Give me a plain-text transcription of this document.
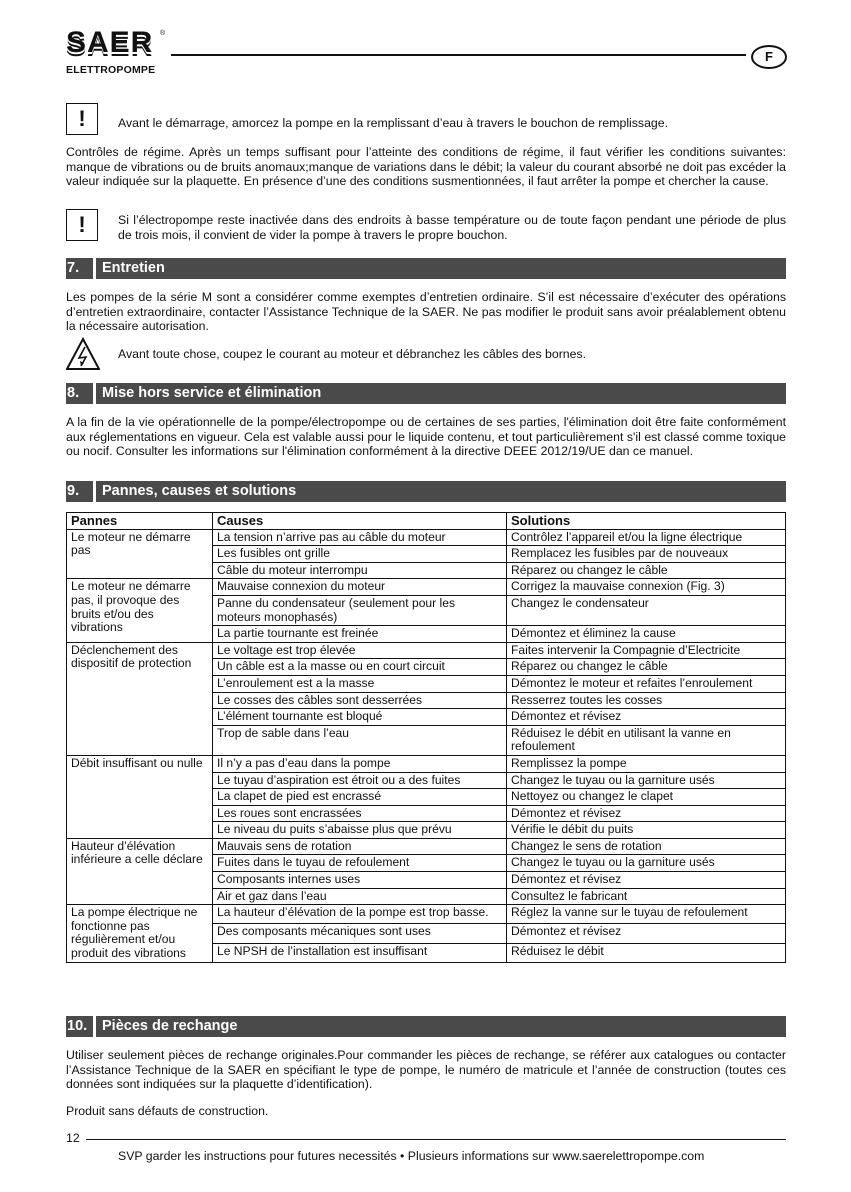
SAER
ELETTROPOMPE
®
F
!	Avant le démarrage, amorcez la pompe en la remplissant d’eau à travers le bouchon de remplissage.
Contrôles de régime. Après un temps suffisant pour l’atteinte des conditions de régime, il faut vérifier les conditions suivantes: manque de vibrations ou de bruits anomaux;manque de variations dans le débit; la valeur du courant absorbé ne doit pas excéder la valeur indiquée sur la plaquette. En présence d’une des conditions susmentionnées, il faut arrêter la pompe et chercher la cause.
!	Si l’électropompe reste inactivée dans des endroits à basse température ou de toute façon pendant une période de plus de trois mois, il convient de vider la pompe à travers le propre bouchon.
7. Entretien
Les pompes de la série M sont a considérer comme exemptes d’entretien ordinaire. S’il est nécessaire d’exécuter des opérations d’entretien extraordinaire, contacter l’Assistance Technique de la SAER. Ne pas modifier le produit sans avoir préalablement obtenu la nécessaire autorisation.
Avant toute chose, coupez le courant au moteur et débranchez les câbles des bornes.
8. Mise hors service et élimination
A la fin de la vie opérationnelle de la pompe/électropompe ou de certaines de ses parties, l'élimination doit être faite conformément aux réglementations en vigueur. Cela est valable aussi pour le liquide contenu, et tout particulièrement s'il est classé comme toxique ou nocif. Consulter les informations sur l'élimination conformément à la directive DEEE 2012/19/UE dan ce manuel.
9. Pannes, causes et solutions
Pannes	Causes	Solutions
Le moteur ne démarre pas	La tension n’arrive pas au câble du moteur	Contrôlez l’appareil et/ou la ligne électrique
	Les fusibles ont grille	Remplacez les fusibles par de nouveaux
	Câble du moteur interrompu	Réparez ou changez le câble
Le moteur ne démarre pas, il provoque des bruits et/ou des vibrations	Mauvaise connexion du moteur	Corrigez la mauvaise connexion (Fig. 3)
	Panne du condensateur (seulement pour les moteurs monophasés)	Changez le condensateur
	La partie tournante est freinée	Démontez et éliminez la cause
Déclenchement des dispositif de protection	Le voltage est trop élevée	Faites intervenir la Compagnie d’Electricite
	Un câble est a la masse ou en court circuit	Réparez ou changez le câble
	L’enroulement est a la masse	Démontez le moteur et refaites l’enroulement
	Le cosses des câbles sont desserrées	Resserrez toutes les cosses
	L’élément tournante est bloqué	Démontez et révisez
	Trop de sable dans l’eau	Réduisez le débit en utilisant la vanne en refoulement
Débit insuffisant ou nulle	Il n’y a pas d’eau dans la pompe	Remplissez la pompe
	Le tuyau d’aspiration est étroit ou a des fuites	Changez le tuyau ou la garniture usés
	La clapet de pied est encrassé	Nettoyez ou changez le clapet
	Les roues sont encrassées	Démontez et révisez
	Le niveau du puits s’abaisse plus que prévu	Vérifie le débit du puits
Hauteur d’élévation inférieure a celle déclare	Mauvais sens de rotation	Changez le sens de rotation
	Fuites dans le tuyau de refoulement	Changez le tuyau ou la garniture usés
	Composants internes uses	Démontez et révisez
	Air et gaz dans l’eau	Consultez le fabricant
La pompe électrique ne fonctionne pas régulièrement et/ou produit des vibrations	La hauteur d’élévation de la pompe est trop basse.	Réglez la vanne sur le tuyau de refoulement
	Des composants mécaniques sont uses	Démontez et révisez
	Le NPSH de l’installation est insuffisant	Réduisez le débit
10. Pièces de rechange
Utiliser seulement pièces de rechange originales.Pour commander les pièces de rechange, se référer aux catalogues ou contacter l’Assistance Technique de la SAER en spécifiant le type de pompe, le numéro de matricule et l’année de construction (toutes ces données sont indiquées sur la plaquette d’identification).
Produit sans défauts de construction.
12
SVP garder les instructions pour futures necessités • Plusieurs informations sur www.saerelettropompe.com
